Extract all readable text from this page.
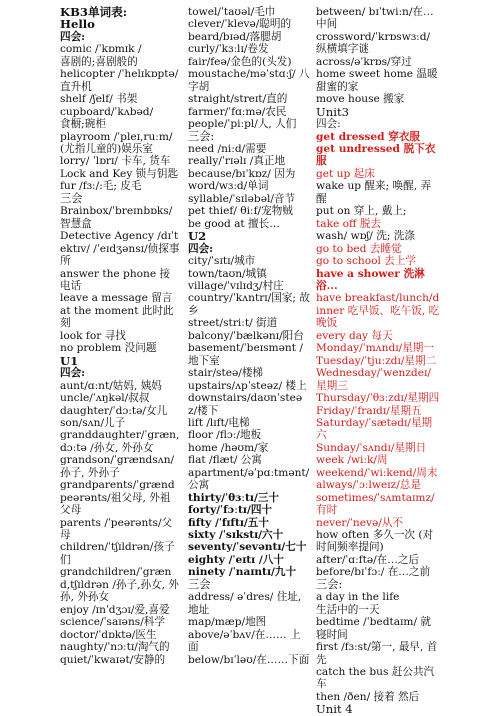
KB3单词表:

Hello

四会:

comic /ˈkɒmɪk /

喜剧的;喜剧般的

helicopter /ˈhelɪkɒptə/

直升机

shelf /ʃelf/ 书架

cupboard/ˈkʌbəd/

食橱;碗柜

playroom /ˈpleɪ,ruːm/(尤指儿童的)娱乐室

lorry/ ˈlɒrɪ/ 卡车, 货车

Lock and Key 锁与钥匙

fur /fɜː/:毛; 皮毛

三会

Brainbox/ˈbreɪnbɒks/智慧盒

Detective Agency /dɪˈtektɪv/ /ˈeɪdʒənsɪ/侦探事所

answer the phone 接电话

leave a message 留言

at the moment 此时此刻

look for 寻找

no problem 没问题

U1

四会:

aunt/ɑːnt/姑妈, 姨妈

uncle/ˈʌŋkəl/叔叔

daughter/ˈdɔːtə/女儿

son/sʌn/儿子

granddaughter/ˈgræn,dɔːtə /孙女, 外孙女

grandson/ˈgrændsʌn/孙子, 外孙子

grandparents/ˈgrændpeərənts/祖父母, 外祖父母

parents /ˈpeərənts/父母

children/ˈtʃɪldrən/孩子们

grandchildren/ˈgrænd,tʃɪldrən /孙子,孙女, 外孙, 外孙女

enjoy /ɪnˈdʒɔɪ/爱,喜爱

science/ˈsaɪəns/科学

doctor/ˈdɒktə/医生

naughty/ˈnɔːtɪ/淘气的

quiet/ˈkwaɪət/安静的

towel/ˈtaʊəl/毛巾

clever/ˈklevə/聪明的

beard/bɪəd/落腮胡

curly/ˈkɜːlɪ/卷发

fair/feə/金色的(头发)

moustache/məˈstɑːʃ/ 八字胡

straight/streɪt/直的

farmer/ˈfɑːmə/农民

people/ˈpiːpl/人, 人们

三会:

need /niːd/需要

really/ˈrɪəlɪ /真正地

because/bɪˈkɒz/ 因为

word/wɜːd/单词

syllable/ˈsɪləbəl/音节

pet thief/ θiːf/宠物贼

be good at 擅长…

U2

四会:

city/ˈsɪtɪ/城市

town/taʊn/城镇

village/ˈvɪlɪdʒ/村庄

country/ˈkʌntrɪ/国家; 故乡

street/striːt/ 街道

balcony/ˈbælkənɪ/阳台

basement/ˈbeɪsmənt /地下室

stair/steə/楼梯

upstairs/ʌpˈsteəz/ 楼上

downstairs/daʊnˈsteəz/楼下

lift /lɪft/电梯

floor /flɔː/地板

home /həʊm/家

flat /flæt/ 公寓

apartment/əˈpɑːtmənt/公寓

thirty/ˈθɜːtɪ/三十

forty/ˈfɔːtɪ/四十

fifty /ˈfɪftɪ/五十

sixty /ˈsɪkstɪ/六十

seventy/ˈsevəntɪ/七十

eighty /ˈeɪtɪ /八十

ninety /ˈnaɪntɪ/九十

三会

address/ əˈdres/ 住址, 地址

map/mæp/地图

above/əˈbʌv/在…… 上面

below/bɪˈləʊ/在……下面

between/ bɪˈtwiːn/在…中间

crossword/ˈkrɒswɜːd/ 纵横填字谜

across/əˈkrɒs/穿过

home sweet home 温暖甜蜜的家

move house 搬家

Unit3

四会:

get dressed 穿衣服

get undressed 脱下衣服

get up 起床

wake up 醒来; 唤醒, 弄醒

put on 穿上, 戴上;

take off 脱去

wash/ wɒʃ/ 洗; 洗涤

go to bed 去睡觉

go to school 去上学

have a shower 洗淋浴...

have breakfast/lunch/dinner 吃早饭、吃午饭, 吃晚饭

every day 每天

Monday/ˈmʌndɪ/星期一

Tuesday/ˈtjuːzdɪ/星期二

Wednesday/ˈwenzdeɪ/星期三

Thursday/ˈθɜːzdɪ/星期四

Friday/ˈfraɪdɪ/星期五

Saturday/ˈsætədɪ/星期六

Sunday/ˈsʌndɪ/星期日

week /wiːk/周

weekend/ˈwiːkend/周末

always/ˈɔːlweɪz/总是

sometimes/ˈsʌmtaɪmz/有时

never/ˈnevə/从不

how often 多久一次 (对时间频率提问)

after/ˈɑːftə/在…之后

before/bɪˈfɔː/ 在…之前

三会:

a day in the life

生活中的一天

bedtime /ˈbedtaɪm/ 就寝时间

first /fɜːst/第一, 最早, 首先

catch the bus 赶公共汽车

then /ðen/ 接着 然后

Unit 4
